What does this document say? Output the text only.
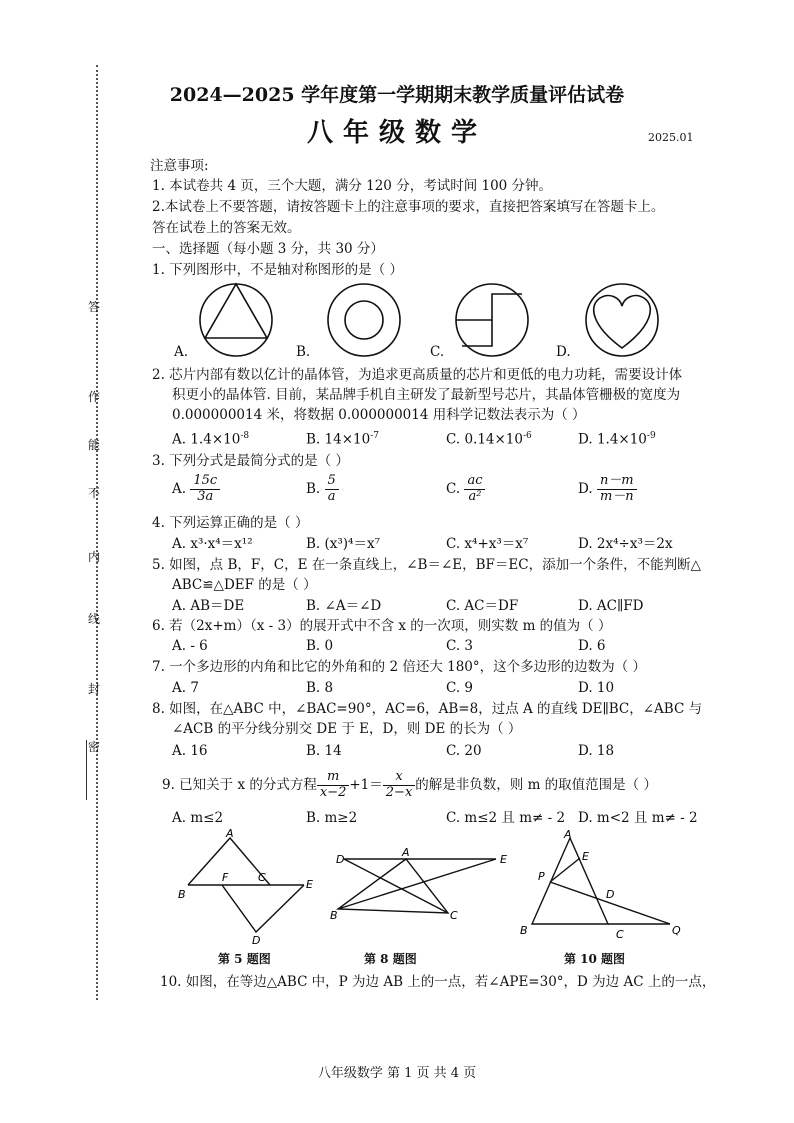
答
作
能
不
内
线
封
密
2024—2025 学年度第一学期期末教学质量评估试卷
八年级数学	2025.01
注意事项:
1. 本试卷共 4 页，三个大题，满分 120 分，考试时间 100 分钟。
2.本试卷上不要答题，请按答题卡上的注意事项的要求，直接把答案填写在答题卡上。
答在试卷上的答案无效。
一、选择题（每小题 3 分，共 30 分）
1. 下列图形中，不是轴对称图形的是（ ）
A.	B.	C.	D.
2. 芯片内部有数以亿计的晶体管，为追求更高质量的芯片和更低的电力功耗，需要设计体
积更小的晶体管. 目前，某品牌手机自主研发了最新型号芯片，其晶体管栅极的宽度为
0.000000014 米，将数据 0.000000014 用科学记数法表示为（ ）
A. $1.4\times 10^{-8}$	B. $14\times 10^{-7}$	C. $0.14\times 10^{-6}$	D. $1.4\times 10^{-9}$
3. 下列分式是最简分式的是（ ）
A. $\frac{15c}{3a}$	B. $\frac{5}{a}$	C. $\frac{ac}{\text{a²}}$	D. $\frac{n-m}{m-n}$
4. 下列运算正确的是（ ）
A. x³·x⁴＝x¹²	B. (x³)⁴＝x⁷	C. x⁴+x³＝x⁷	D. 2x⁴÷x³＝2x
5. 如图，点 B，F，C，E 在一条直线上，∠B＝∠E，BF＝EC，添加一个条件，不能判断△
ABC≌△DEF 的是（ ）
A. AB＝DE	B. ∠A＝∠D	C. AC＝DF	D. AC∥FD
6. 若（2x+m）（x - 3）的展开式中不含 x 的一次项，则实数 m 的值为（ ）
A. - 6	B. 0	C. 3	D. 6
7. 一个多边形的内角和比它的外角和的 2 倍还大 180°，这个多边形的边数为（ ）
A. 7	B. 8	C. 9	D. 10
8. 如图，在△ABC 中，∠BAC=90°，AC=6，AB=8，过点 A 的直线 DE∥BC，∠ABC 与
∠ACB 的平分线分别交 DE 于 E，D，则 DE 的长为（ ）
A. 16	B. 14	C. 20	D. 18
9. 已知关于 x 的分式方程 $\frac{m}{x-2} +1= \frac{x}{2-x}$ 的解是非负数，则 m 的取值范围是（ ）
A. m≤2	B. m≥2	C. m≤2 且 m≠ - 2 D. m<2 且 m≠ - 2
A
B
F	C
E
D
第 5 题图
D
A
E
B	C
第 8 题图
A
E
P
D
B	C	Q
第 10 题图
10. 如图，在等边△ABC 中，P 为边 AB 上的一点，若∠APE=30°，D 为边 AC 上的一点，
八年级数学 第 1 页 共 4 页
